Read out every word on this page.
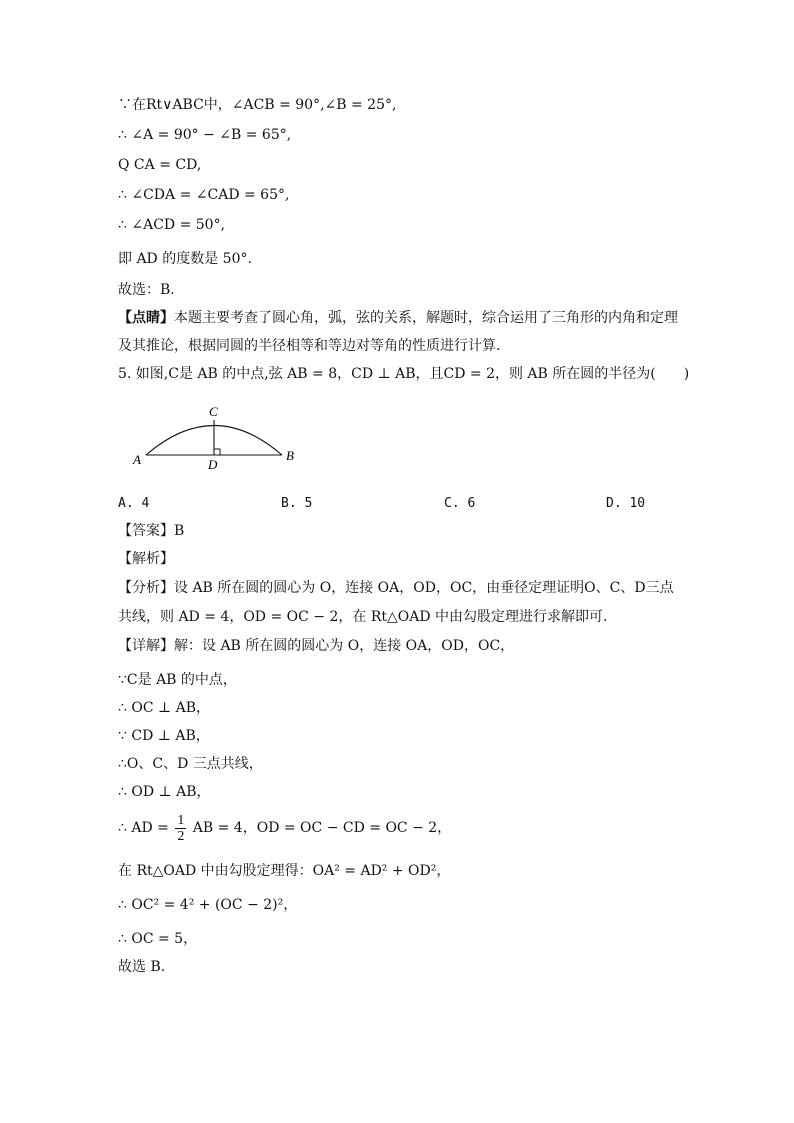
∵在Rt∨ABC中，∠ACB = 90°,∠B = 25°,
∴ ∠A = 90° − ∠B = 65°,
Q CA = CD,
∴ ∠CDA = ∠CAD = 65°,
∴ ∠ACD = 50°,
即 AD 的度数是 50°.
故选：B.
【点睛】本题主要考查了圆心角，弧，弦的关系，解题时，综合运用了三角形的内角和定理
及其推论，根据同圆的半径相等和等边对等角的性质进行计算.
5. 如图,C是 AB 的中点,弦 AB = 8，CD ⊥ AB，且CD = 2，则 AB 所在圆的半径为(　　)
C
A	D
B
A. 4	B. 5	C. 6	D. 10
【答案】B
【解析】
【分析】设 AB 所在圆的圆心为 O，连接 OA，OD，OC，由垂径定理证明O、C、D三点
共线，则 AD = 4，OD = OC − 2，在 Rt△OAD 中由勾股定理进行求解即可.
【详解】解：设 AB 所在圆的圆心为 O，连接 OA，OD，OC，
∵C是 AB 的中点，
∴ OC ⊥ AB，
∵ CD ⊥ AB，
∴O、C、D 三点共线，
∴ OD ⊥ AB，
∴ AD = $\frac{1}{2}$ AB = 4，OD = OC − CD = OC − 2，
在 Rt△OAD 中由勾股定理得：OA² = AD² + OD²，
∴ OC² = 4² + (OC − 2)²，
∴ OC = 5，
故选 B.
